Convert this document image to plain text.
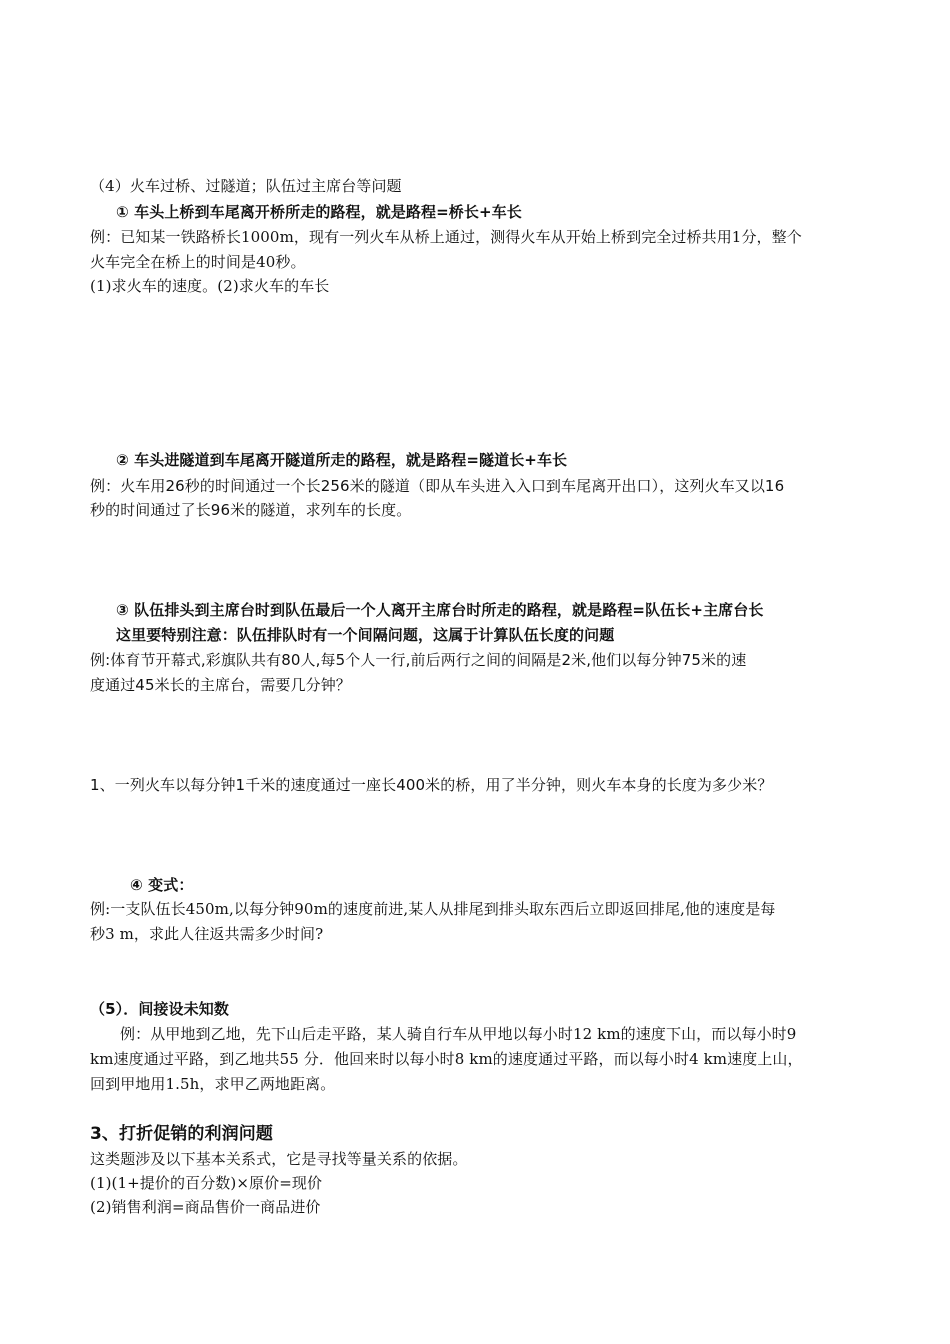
（4）火车过桥、过隧道；队伍过主席台等问题
① 车头上桥到车尾离开桥所走的路程，就是路程=桥长+车长
例：已知某一铁路桥长1000m，现有一列火车从桥上通过，测得火车从开始上桥到完全过桥共用1分，整个
火车完全在桥上的时间是40秒。
(1)求火车的速度。(2)求火车的车长
② 车头进隧道到车尾离开隧道所走的路程，就是路程=隧道长+车长
例：火车用26秒的时间通过一个长256米的隧道（即从车头进入入口到车尾离开出口），这列火车又以16
秒的时间通过了长96米的隧道，求列车的长度。
③ 队伍排头到主席台时到队伍最后一个人离开主席台时所走的路程，就是路程=队伍长+主席台长
这里要特别注意：队伍排队时有一个间隔问题，这属于计算队伍长度的问题
例:体育节开幕式,彩旗队共有80人,每5个人一行,前后两行之间的间隔是2米,他们以每分钟75米的速
度通过45米长的主席台，需要几分钟？
1、一列火车以每分钟1千米的速度通过一座长400米的桥，用了半分钟，则火车本身的长度为多少米？
④ 变式：
例:一支队伍长450m,以每分钟90m的速度前进,某人从排尾到排头取东西后立即返回排尾,他的速度是每
秒3 m，求此人往返共需多少时间?
（5）．间接设未知数
例：从甲地到乙地，先下山后走平路，某人骑自行车从甲地以每小时12 km的速度下山，而以每小时9
km速度通过平路，到乙地共55 分．他回来时以每小时8 km的速度通过平路，而以每小时4 km速度上山，
回到甲地用1.5h，求甲乙两地距离。
3、打折促销的利润问题
这类题涉及以下基本关系式，它是寻找等量关系的依据。
(1)(1+提价的百分数)×原价=现价
(2)销售利润=商品售价一商品进价
